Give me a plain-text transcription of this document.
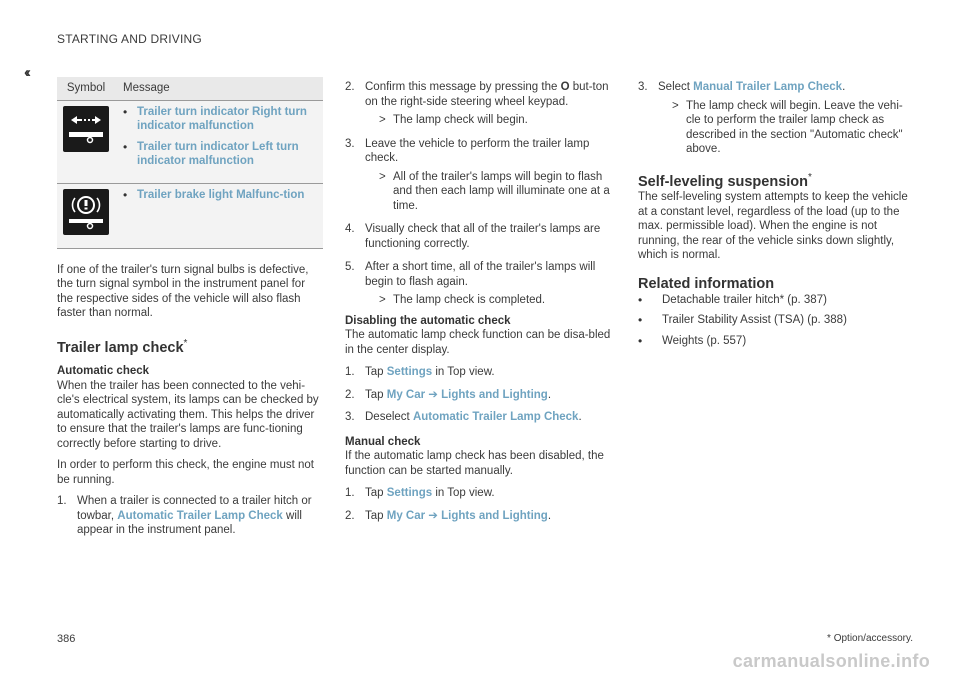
STARTING AND DRIVING
‹‹
Symbol	Message

• Trailer turn indicator Right turn indicator malfunction
• Trailer turn indicator Left turn indicator malfunction

• Trailer brake light Malfunc-tion

If one of the trailer's turn signal bulbs is defective, the turn signal symbol in the instrument panel for the respective sides of the vehicle will also flash faster than normal.

Trailer lamp check*
Automatic check

When the trailer has been connected to the vehi-cle's electrical system, its lamps can be checked by automatically activating them. This helps the driver to ensure that the trailer's lamps are func-tioning correctly before starting to drive.

In order to perform this check, the engine must not be running.

1. When a trailer is connected to a trailer hitch or towbar, Automatic Trailer Lamp Check will appear in the instrument panel.
2. Confirm this message by pressing the O but-ton on the right-side steering wheel keypad.
> The lamp check will begin.
3. Leave the vehicle to perform the trailer lamp check.
> All of the trailer's lamps will begin to flash and then each lamp will illuminate one at a time.
4. Visually check that all of the trailer's lamps are functioning correctly.
5. After a short time, all of the trailer's lamps will begin to flash again.
> The lamp check is completed.
Disabling the automatic check

The automatic lamp check function can be disa-bled in the center display.

1. Tap Settings in Top view.
2. Tap My Car ➔ Lights and Lighting.
3. Deselect Automatic Trailer Lamp Check.
Manual check

If the automatic lamp check has been disabled, the function can be started manually.

1. Tap Settings in Top view.
2. Tap My Car ➔ Lights and Lighting.
3. Select Manual Trailer Lamp Check.
> The lamp check will begin. Leave the vehi-cle to perform the trailer lamp check as described in the section "Automatic check" above.
Self-leveling suspension*

The self-leveling system attempts to keep the vehicle at a constant level, regardless of the load (up to the max. permissible load). When the engine is not running, the rear of the vehicle sinks down slightly, which is normal.

Related information
• Detachable trailer hitch* (p. 387)
• Trailer Stability Assist (TSA) (p. 388)
• Weights (p. 557)
386	* Option/accessory.
carmanualsonline.info
